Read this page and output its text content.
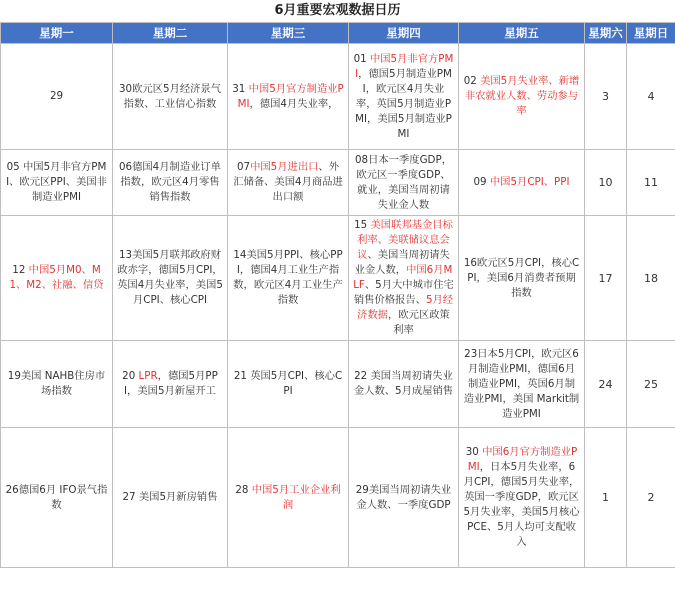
6月重要宏观数据日历
星期一	星期二	星期三	星期四	星期五	星期六	星期日
29	30欧元区5月经济景气指数、工业信心指数	31 中国5月官方制造业PMI，德国4月失业率，	01 中国5月非官方PMI，德国5月制造业PMI，欧元区4月失业率，英国5月制造业PMI，美国5月制造业PMI	02 美国5月失业率、新增非农就业人数、劳动参与率	3	4
05 中国5月非官方PMI、欧元区PPI、美国非制造业PMI	06德国4月制造业订单指数，欧元区4月零售销售指数	07中国5月进出口、外汇储备、美国4月商品进出口额	08日本一季度GDP，欧元区一季度GDP、就业，美国当周初请失业金人数	09 中国5月CPI、PPI	10	11
12 中国5月M0、M1、M2、社融、信贷	13美国5月联邦政府财政赤字，德国5月CPI，英国4月失业率，美国5月CPI、核心CPI	14美国5月PPI、核心PPI，德国4月工业生产指数，欧元区4月工业生产指数	15 美国联邦基金目标利率、美联储议息会议、美国当周初请失业金人数，中国6月MLF、5月大中城市住宅销售价格报告、5月经济数据，欧元区政策利率	16欧元区5月CPI，核心CPI，美国6月消费者预期指数	17	18
19美国 NAHB住房市场指数	20 LPR，德国5月PPI，美国5月新屋开工	21 英国5月CPI、核心CPI	22 美国当周初请失业金人数、5月成屋销售	23日本5月CPI，欧元区6月制造业PMI，德国6月制造业PMI，英国6月制造业PMI，美国 Markit制造业PMI	24	25
26德国6月 IFO景气指数	27 美国5月新房销售	28 中国5月工业企业利润	29美国当周初请失业金人数、一季度GDP	30 中国6月官方制造业PMI，日本5月失业率，6月CPI，德国5月失业率，英国一季度GDP，欧元区5月失业率，美国5月核心PCE、5月人均可支配收入	1	2
